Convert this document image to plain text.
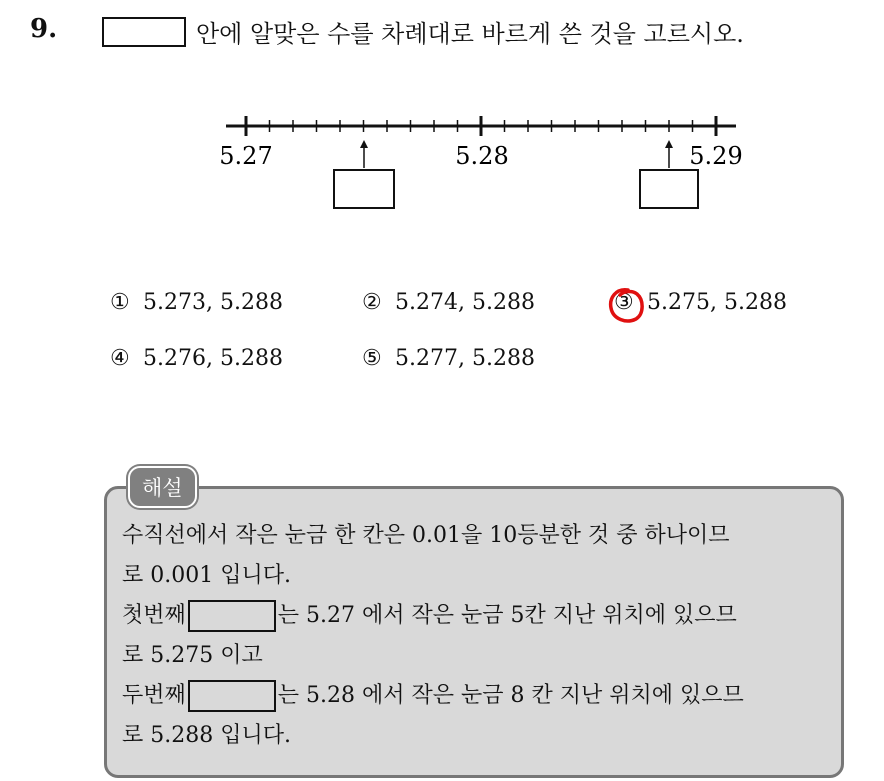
9.	안에 알맞은 수를 차례대로 바르게 쓴 것을 고르시오.
5.27	5.28	5.29
① 5.273, 5.288	② 5.274, 5.288	③ 5.275, 5.288
④ 5.276, 5.288	⑤ 5.277, 5.288
해설
수직선에서 작은 눈금 한 칸은 0.01을 10등분한 것 중 하나이므
로 0.001 입니다.
첫번째	는 5.27 에서 작은 눈금 5칸 지난 위치에 있으므
로 5.275 이고
두번째	는 5.28 에서 작은 눈금 8 칸 지난 위치에 있으므
로 5.288 입니다.
